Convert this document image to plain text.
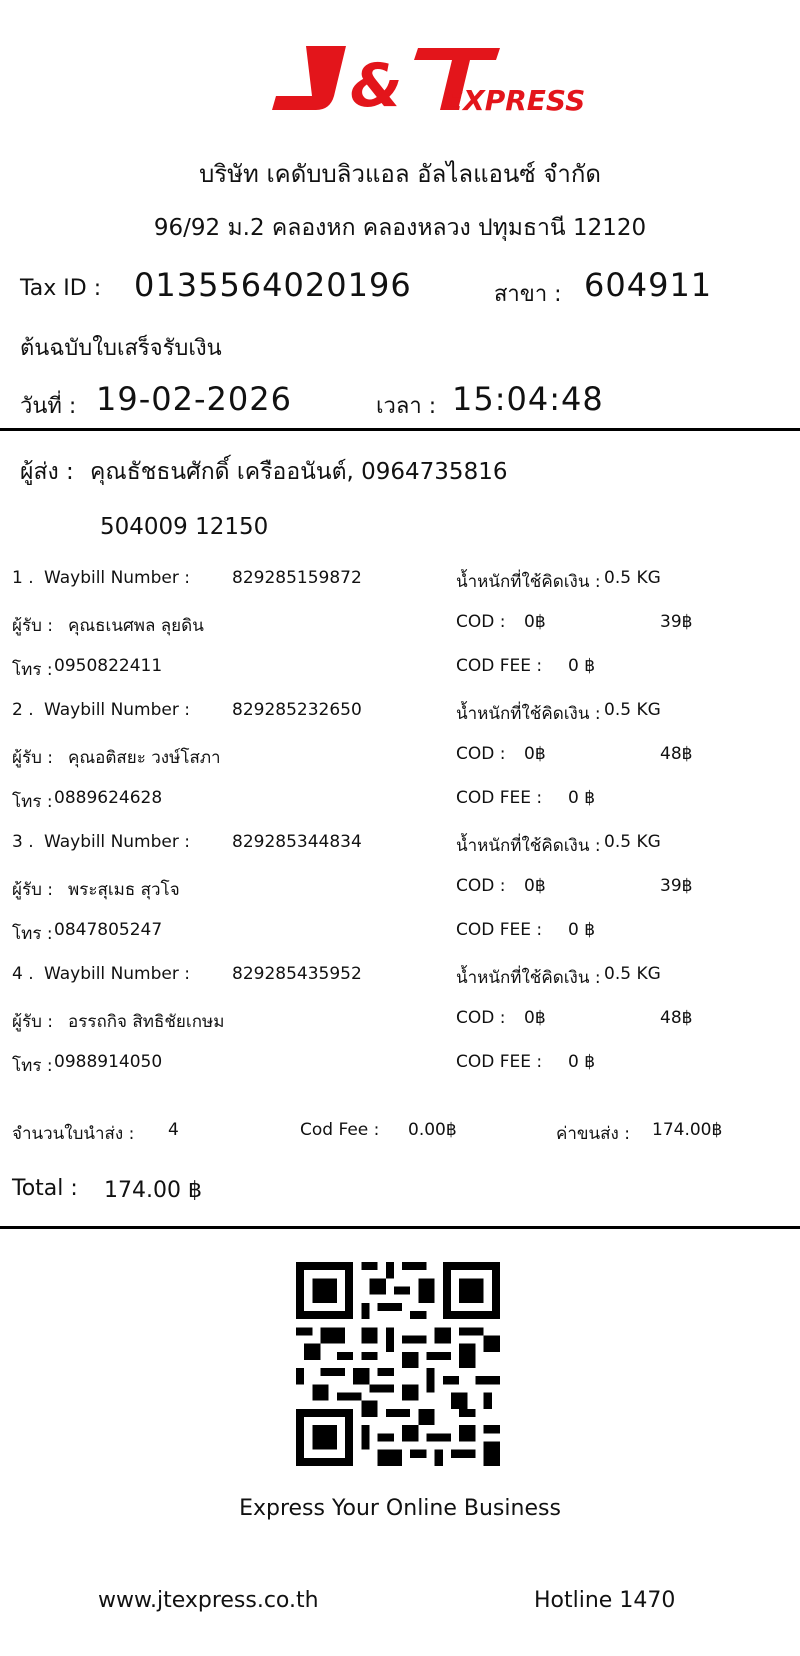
& EXPRESS
บริษัท เคดับบลิวแอล อัลไลแอนซ์ จำกัด
96/92 ม.2 คลองหก คลองหลวง ปทุมธานี 12120
Tax ID : 0135564020196	สาขา : 604911
ต้นฉบับใบเสร็จรับเงิน
วันที่ : 19-02-2026	เวลา : 15:04:48
ผู้ส่ง : คุณธัชธนศักดิ์ เครืออนันต์, 0964735816
504009 12150
1 . Waybill Number : 829285159872	น้ำหนักที่ใช้คิดเงิน : 0.5 KG
ผู้รับ : คุณธเนศพล ลุยดิน	COD : 0฿	39฿
โทร : 0950822411	COD FEE : 0 ฿
2 . Waybill Number : 829285232650	น้ำหนักที่ใช้คิดเงิน : 0.5 KG
ผู้รับ : คุณอติสยะ วงษ์โสภา	COD : 0฿	48฿
โทร : 0889624628	COD FEE : 0 ฿
3 . Waybill Number : 829285344834	น้ำหนักที่ใช้คิดเงิน : 0.5 KG
ผู้รับ : พระสุเมธ สุวโจ	COD : 0฿	39฿
โทร : 0847805247	COD FEE : 0 ฿
4 . Waybill Number : 829285435952	น้ำหนักที่ใช้คิดเงิน : 0.5 KG
ผู้รับ : อรรถกิจ สิทธิชัยเกษม	COD : 0฿	48฿
โทร : 0988914050	COD FEE : 0 ฿
จำนวนใบนำส่ง : 4	Cod Fee : 0.00฿	ค่าขนส่ง : 174.00฿
Total : 174.00 ฿
Express Your Online Business
www.jtexpress.co.th	Hotline 1470
